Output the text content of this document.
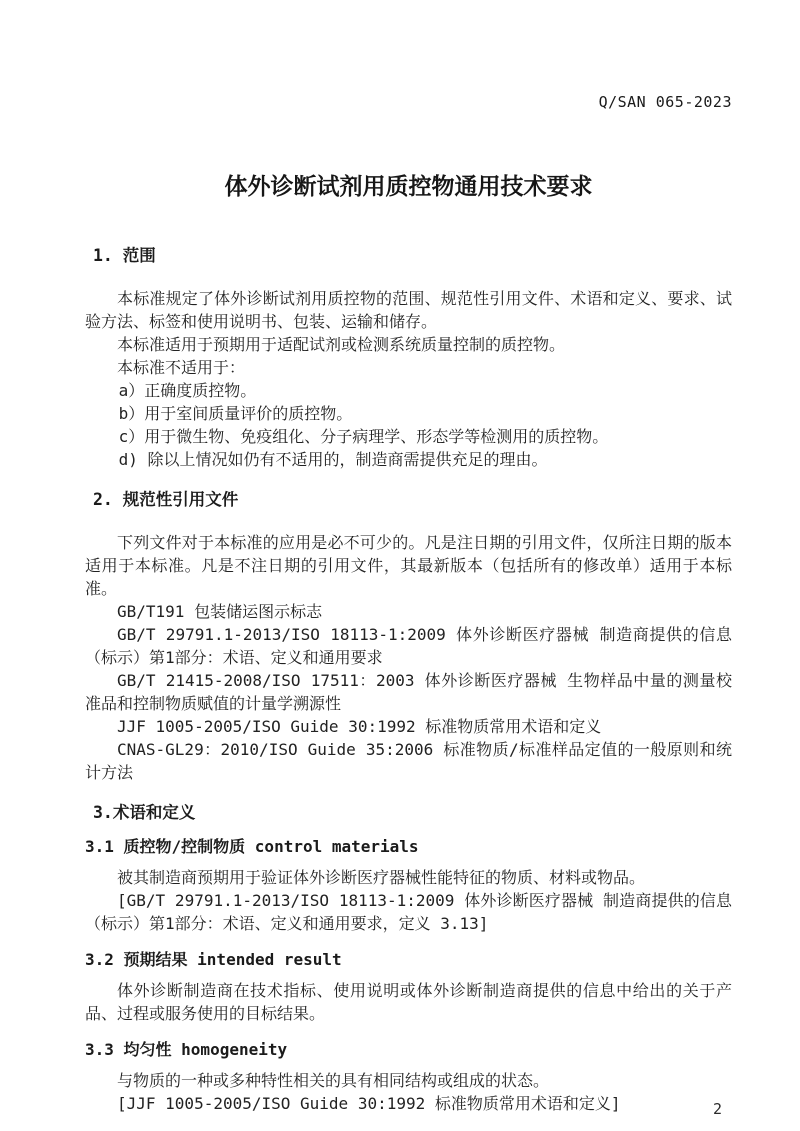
Q/SAN 065-2023
体外诊断试剂用质控物通用技术要求
1. 范围

本标准规定了体外诊断试剂用质控物的范围、规范性引用文件、术语和定义、要求、试验方法、标签和使用说明书、包装、运输和储存。

本标准适用于预期用于适配试剂或检测系统质量控制的质控物。

本标准不适用于：

a）正确度质控物。

b）用于室间质量评价的质控物。

c）用于微生物、免疫组化、分子病理学、形态学等检测用的质控物。

d) 除以上情况如仍有不适用的，制造商需提供充足的理由。

2. 规范性引用文件

下列文件对于本标准的应用是必不可少的。凡是注日期的引用文件，仅所注日期的版本适用于本标准。凡是不注日期的引用文件，其最新版本（包括所有的修改单）适用于本标准。

GB/T191 包装储运图示标志

GB/T 29791.1-2013/ISO 18113-1:2009 体外诊断医疗器械 制造商提供的信息（标示）第1部分：术语、定义和通用要求

GB/T 21415-2008/ISO 17511：2003 体外诊断医疗器械 生物样品中量的测量校准品和控制物质赋值的计量学溯源性

JJF 1005-2005/ISO Guide 30:1992 标准物质常用术语和定义

CNAS-GL29：2010/ISO Guide 35:2006 标准物质/标准样品定值的一般原则和统计方法

3.术语和定义
3.1 质控物/控制物质 control materials

被其制造商预期用于验证体外诊断医疗器械性能特征的物质、材料或物品。

[GB/T 29791.1-2013/ISO 18113-1:2009 体外诊断医疗器械 制造商提供的信息（标示）第1部分：术语、定义和通用要求，定义 3.13]

3.2 预期结果 intended result

体外诊断制造商在技术指标、使用说明或体外诊断制造商提供的信息中给出的关于产品、过程或服务使用的目标结果。

3.3 均匀性 homogeneity

与物质的一种或多种特性相关的具有相同结构或组成的状态。

[JJF 1005-2005/ISO Guide 30:1992 标准物质常用术语和定义]	2
